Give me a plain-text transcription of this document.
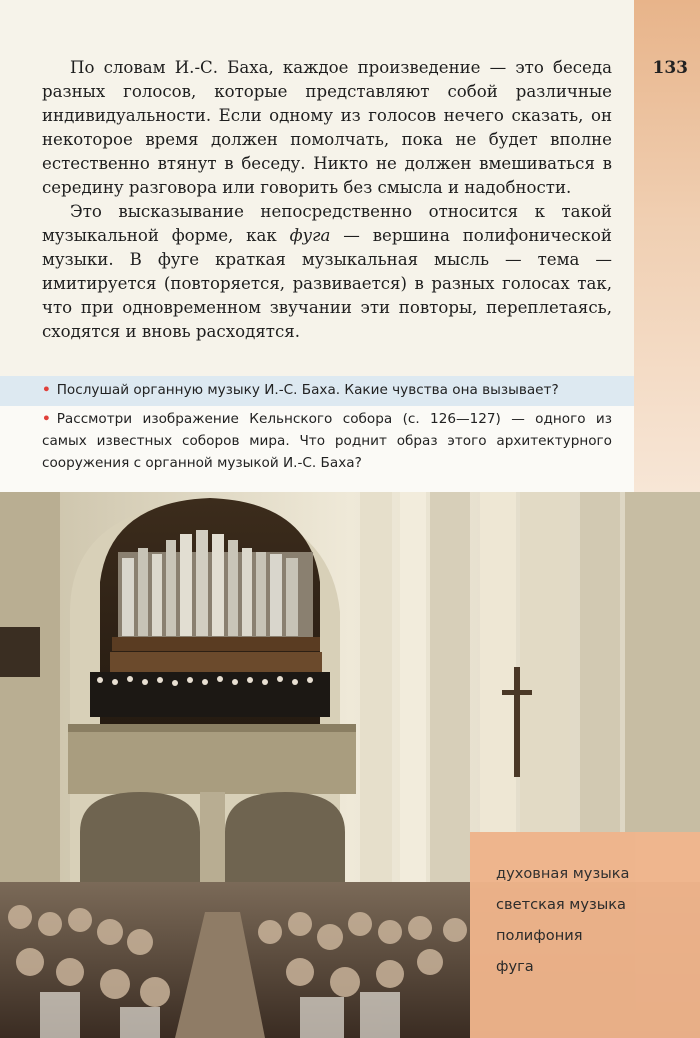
133

По словам И.-С. Баха, каждое произведение — это беседа разных голосов, которые представляют собой различные индивидуальности. Если одному из голосов нечего сказать, он некоторое время должен помолчать, пока не будет вполне естественно втянут в беседу. Никто не должен вмешиваться в середину разговора или говорить без смысла и надобности.

Это высказывание непосредственно относится к такой музыкальной форме, как фуга — вершина полифонической музыки. В фуге краткая музыкальная мысль — тема — имитируется (повторяется, развивается) в разных голосах так, что при одновременном звучании эти повторы, переплетаясь, сходятся и вновь расходятся.

• Послушай органную музыку И.-С. Баха. Какие чувства она вызывает?
• Рассмотри изображение Кельнского собора (с. 126—127) — одного из самых известных соборов мира. Что роднит образ этого архитектурного сооружения с органной музыкой И.-С. Баха?
духовная музыка
светская музыка
полифония
фуга
